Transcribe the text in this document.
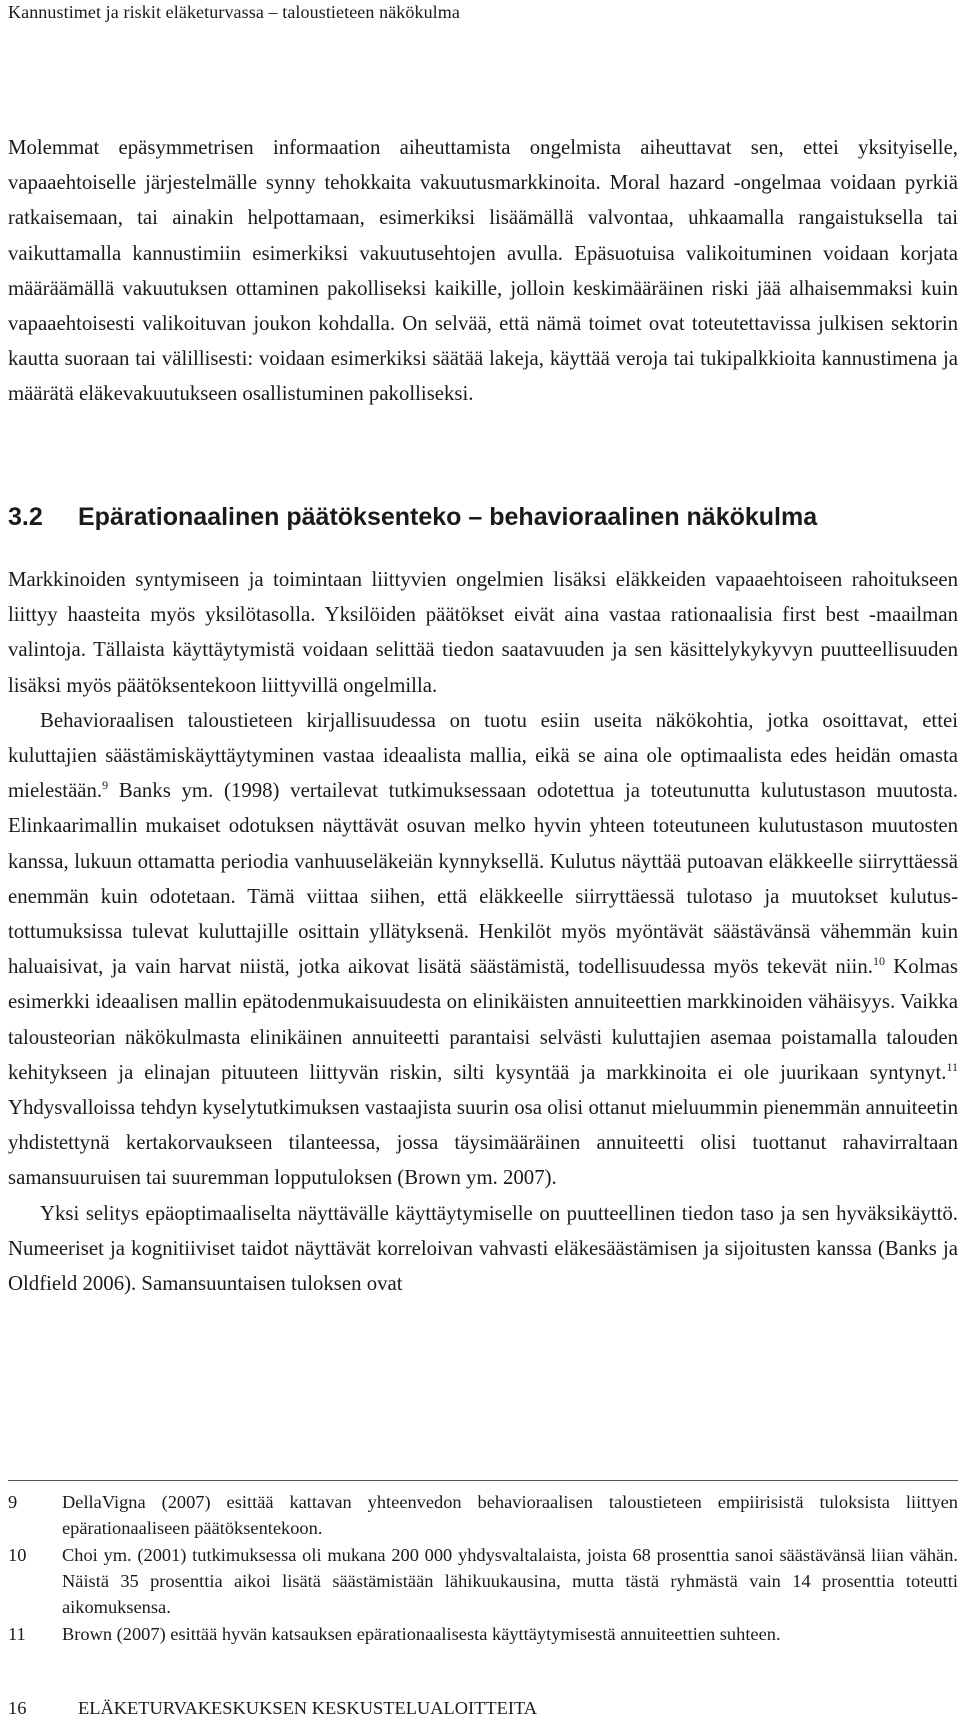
Kannustimet ja riskit eläketurvassa – taloustieteen näkökulma

Molemmat epäsymmetrisen informaation aiheuttamista ongelmista aiheuttavat sen, ettei yksityiselle, vapaaehtoiselle järjestelmälle synny tehokkaita vakuutusmarkkinoita. Moral hazard -ongelmaa voidaan pyrkiä ratkaisemaan, tai ainakin helpottamaan, esimerkiksi lisäämällä valvontaa, uhkaamalla rangaistuksella tai vaikuttamalla kannustimiin esimerkiksi vakuutusehtojen avulla. Epäsuotuisa valikoituminen voidaan korjata määräämällä vakuutuksen ottaminen pakolliseksi kaikille, jolloin keskimääräinen riski jää alhaisemmaksi kuin vapaaehtoisesti valikoituvan joukon kohdalla. On selvää, että nämä toimet ovat toteutettavissa julkisen sektorin kautta suoraan tai välillisesti: voidaan esimerkiksi säätää lakeja, käyttää veroja tai tukipalkkioita kannustimena ja määrätä eläkevakuutukseen osallistuminen pakolliseksi.

3.2 Epärationaalinen päätöksenteko – behavioraalinen näkökulma

Markkinoiden syntymiseen ja toimintaan liittyvien ongelmien lisäksi eläkkeiden vapaaehtoiseen rahoitukseen liittyy haasteita myös yksilötasolla. Yksilöiden päätökset eivät aina vastaa rationaalisia first best -maailman valintoja. Tällaista käyttäytymistä voidaan selittää tiedon saatavuuden ja sen käsittelykykyvyn puutteellisuuden lisäksi myös päätöksentekoon liittyvillä ongelmilla.

Behavioraalisen taloustieteen kirjallisuudessa on tuotu esiin useita näkökohtia, jotka osoittavat, ettei kuluttajien säästämiskäyttäytyminen vastaa ideaalista mallia, eikä se aina ole optimaalista edes heidän omasta mielestään.$^9$ Banks ym. (1998) vertailevat tutkimuksessaan odotettua ja toteutunutta kulutustason muutosta. Elinkaarimallin mukaiset odotuksen näyttävät osuvan melko hyvin yhteen toteutuneen kulutustason muutosten kanssa, lukuun ottamatta periodia vanhuuseläkeiän kynnyksellä. Kulutus näyttää putoavan eläkkeelle siirryttäessä enemmän kuin odotetaan. Tämä viittaa siihen, että eläkkeelle siirryttäessä tulotaso ja muutokset kulutustottumuksissa tulevat kuluttajille osittain yllätyksenä. Henkilöt myös myöntävät säästävänsä vähemmän kuin haluaisivat, ja vain harvat niistä, jotka aikovat lisätä säästämistä, todellisuudessa myös tekevät niin.$^{10}$ Kolmas esimerkki ideaalisen mallin epätodenmukaisuudesta on elinikäisten annuiteettien markkinoiden vähäisyys. Vaikka talousteorian näkökulmasta elinikäinen annuiteetti parantaisi selvästi kuluttajien asemaa poistamalla talouden kehitykseen ja elinajan pituuteen liittyvän riskin, silti kysyntää ja markkinoita ei ole juurikaan syntynyt.$^{11}$ Yhdysvalloissa tehdyn kyselytutkimuksen vastaajista suurin osa olisi ottanut mieluummin pienemmän annuiteetin yhdistettynä kertakorvaukseen tilanteessa, jossa täysimääräinen annuiteetti olisi tuottanut rahavirraltaan samansuuruisen tai suuremman lopputuloksen (Brown ym. 2007).

Yksi selitys epäoptimaaliselta näyttävälle käyttäytymiselle on puutteellinen tiedon taso ja sen hyväksikäyttö. Numeeriset ja kognitiiviset taidot näyttävät korreloivan vahvasti eläkesäästämisen ja sijoitusten kanssa (Banks ja Oldfield 2006). Samansuuntaisen tuloksen ovat

9	DellaVigna (2007) esittää kattavan yhteenvedon behavioraalisen taloustieteen empiirisistä tuloksista liittyen epärationaaliseen päätöksentekoon.
10	Choi ym. (2001) tutkimuksessa oli mukana 200 000 yhdysvaltalaista, joista 68 prosenttia sanoi säästävänsä liian vähän. Näistä 35 prosenttia aikoi lisätä säästämistään lähikuukausina, mutta tästä ryhmästä vain 14 prosenttia toteutti aikomuksensa.
11	Brown (2007) esittää hyvän katsauksen epärationaalisesta käyttäytymisestä annuiteettien suhteen.
16	ELÄKETURVAKESKUKSEN KESKUSTELUALOITTEITA
